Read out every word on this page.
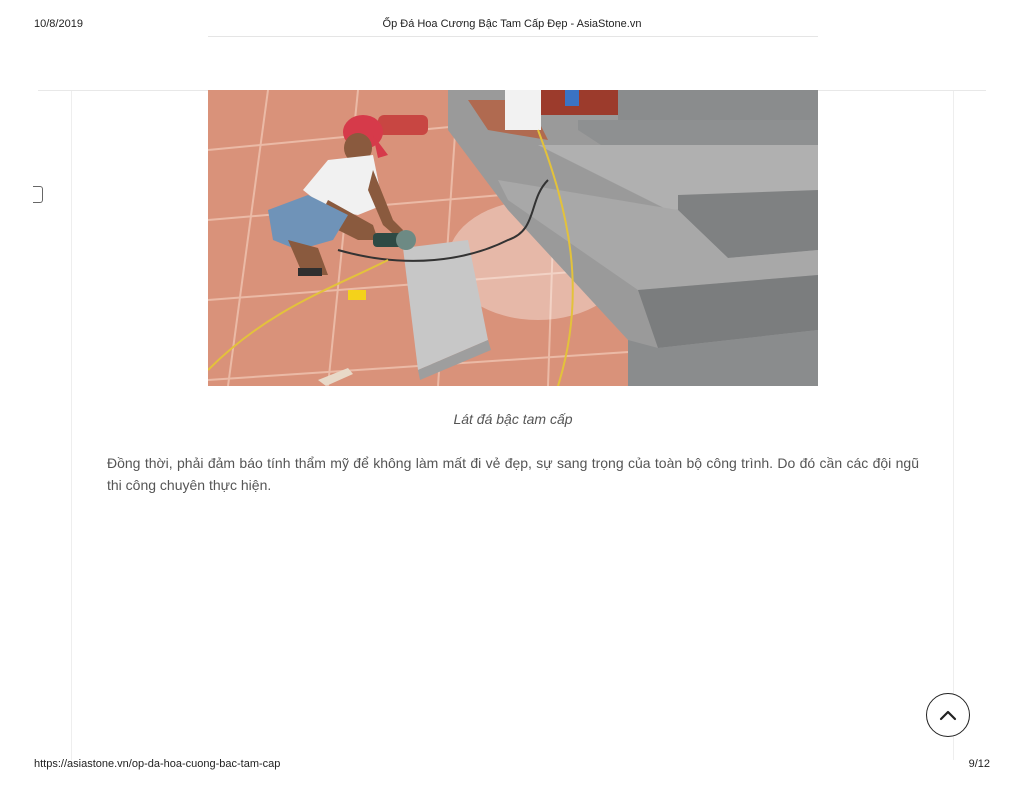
10/8/2019	Ốp Đá Hoa Cương Bậc Tam Cấp Đẹp - AsiaStone.vn
Lát đá bậc tam cấp

Đồng thời, phải đảm báo tính thẩm mỹ để không làm mất đi vẻ đẹp, sự sang trọng của toàn bộ công trình. Do đó cần các đội ngũ thi công chuyên thực hiện.

https://asiastone.vn/op-da-hoa-cuong-bac-tam-cap	9/12
